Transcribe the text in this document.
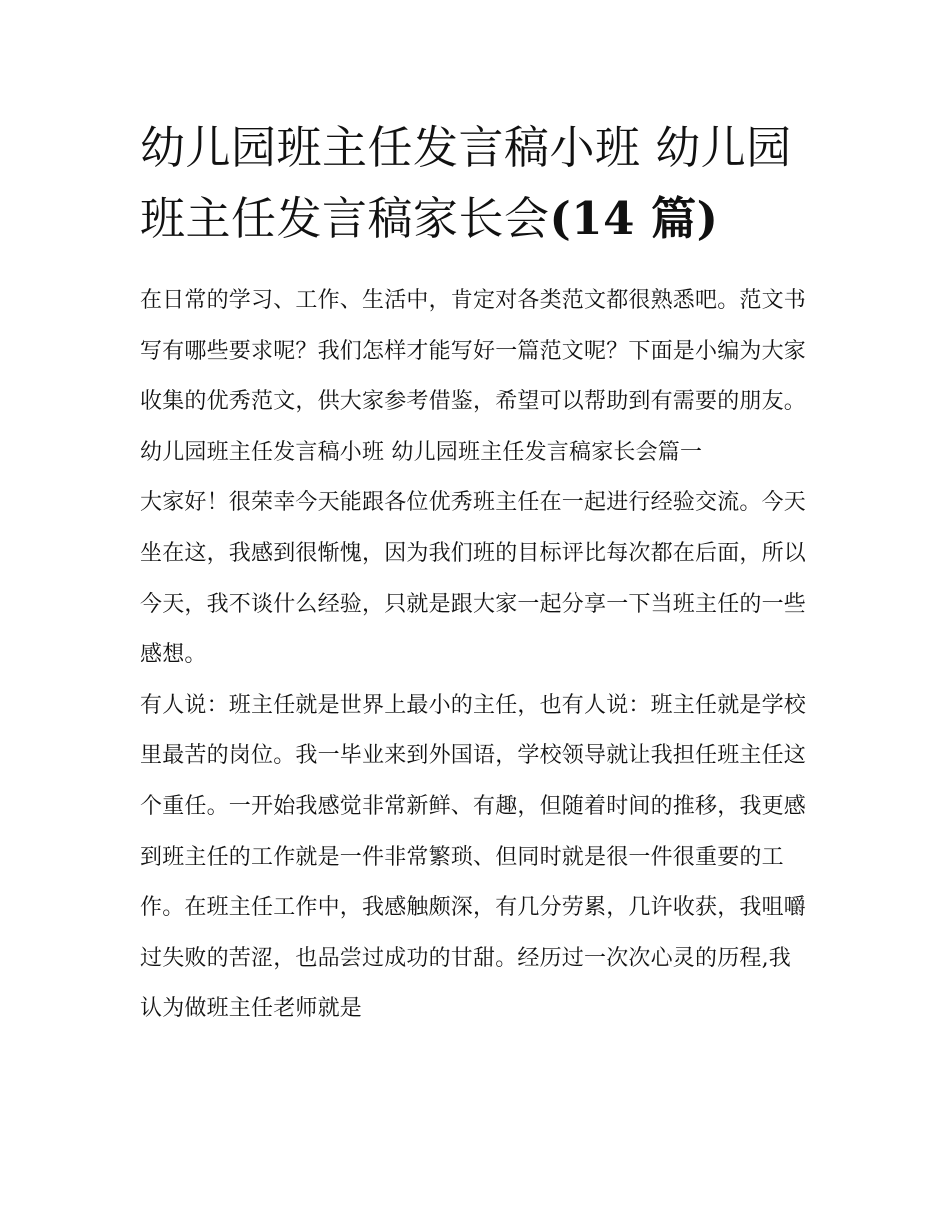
幼儿园班主任发言稿小班 幼儿园班主任发言稿家长会(14 篇)

在日常的学习、工作、生活中，肯定对各类范文都很熟悉吧。范文书写有哪些要求呢？我们怎样才能写好一篇范文呢？下面是小编为大家收集的优秀范文，供大家参考借鉴，希望可以帮助到有需要的朋友。

幼儿园班主任发言稿小班 幼儿园班主任发言稿家长会篇一

大家好！很荣幸今天能跟各位优秀班主任在一起进行经验交流。今天坐在这，我感到很惭愧，因为我们班的目标评比每次都在后面，所以今天，我不谈什么经验，只就是跟大家一起分享一下当班主任的一些感想。

有人说：班主任就是世界上最小的主任，也有人说：班主任就是学校里最苦的岗位。我一毕业来到外国语，学校领导就让我担任班主任这个重任。一开始我感觉非常新鲜、有趣，但随着时间的推移，我更感到班主任的工作就是一件非常繁琐、但同时就是很一件很重要的工作。在班主任工作中，我感触颇深，有几分劳累，几许收获，我咀嚼过失败的苦涩，也品尝过成功的甘甜。经历过一次次心灵的历程,我认为做班主任老师就是
